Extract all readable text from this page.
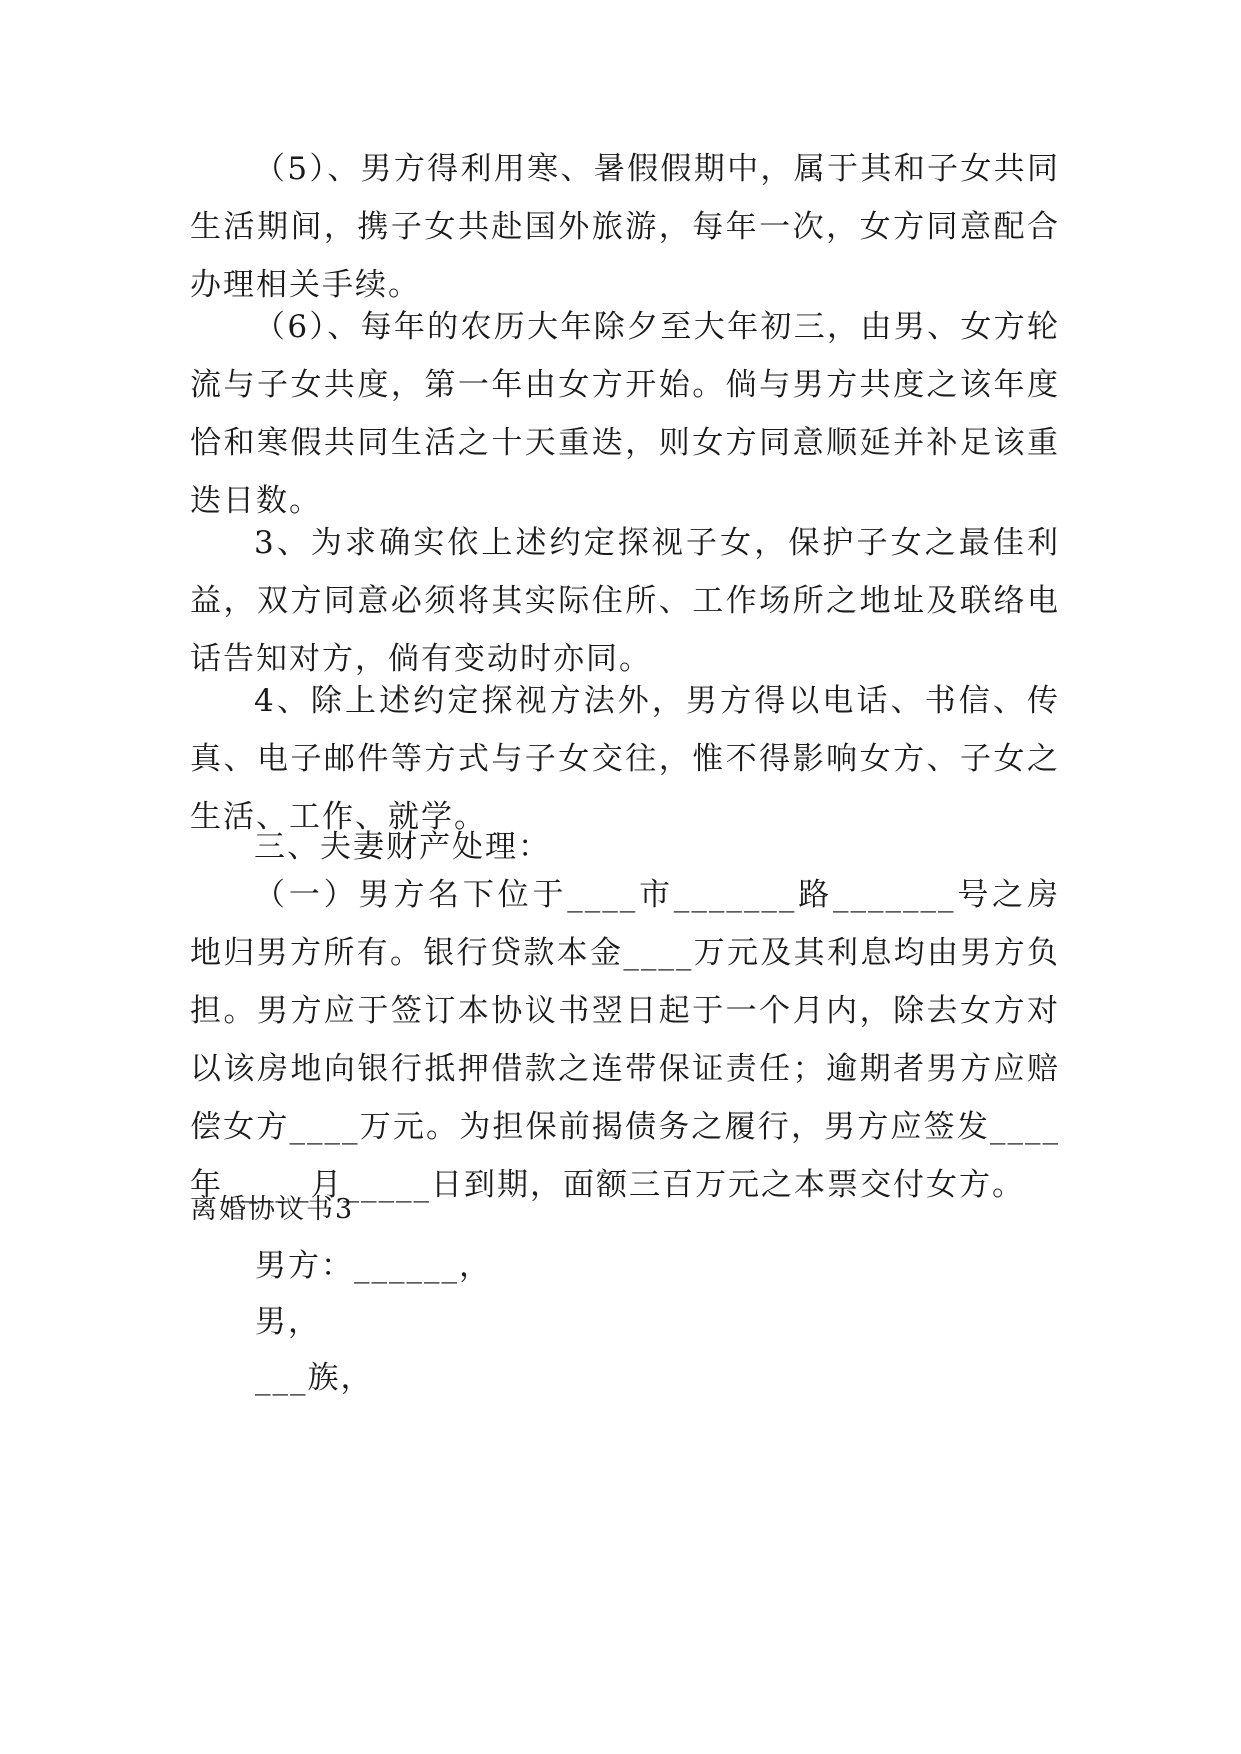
（5）、男方得利用寒、暑假假期中，属于其和子女共同生活期间，携子女共赴国外旅游，每年一次，女方同意配合办理相关手续。

（6）、每年的农历大年除夕至大年初三，由男、女方轮流与子女共度，第一年由女方开始。倘与男方共度之该年度恰和寒假共同生活之十天重迭，则女方同意顺延并补足该重迭日数。

3、为求确实依上述约定探视子女，保护子女之最佳利益，双方同意必须将其实际住所、工作场所之地址及联络电话告知对方，倘有变动时亦同。

4、除上述约定探视方法外，男方得以电话、书信、传真、电子邮件等方式与子女交往，惟不得影响女方、子女之生活、工作、就学。

三、夫妻财产处理：

（一）男方名下位于____市_______路_______号之房地归男方所有。银行贷款本金____万元及其利息均由男方负担。男方应于签订本协议书翌日起于一个月内，除去女方对以该房地向银行抵押借款之连带保证责任；逾期者男方应赔偿女方____万元。为担保前揭债务之履行，男方应签发____年_____月_____日到期，面额三百万元之本票交付女方。

离婚协议书3

男方：______，

男，

___族，
